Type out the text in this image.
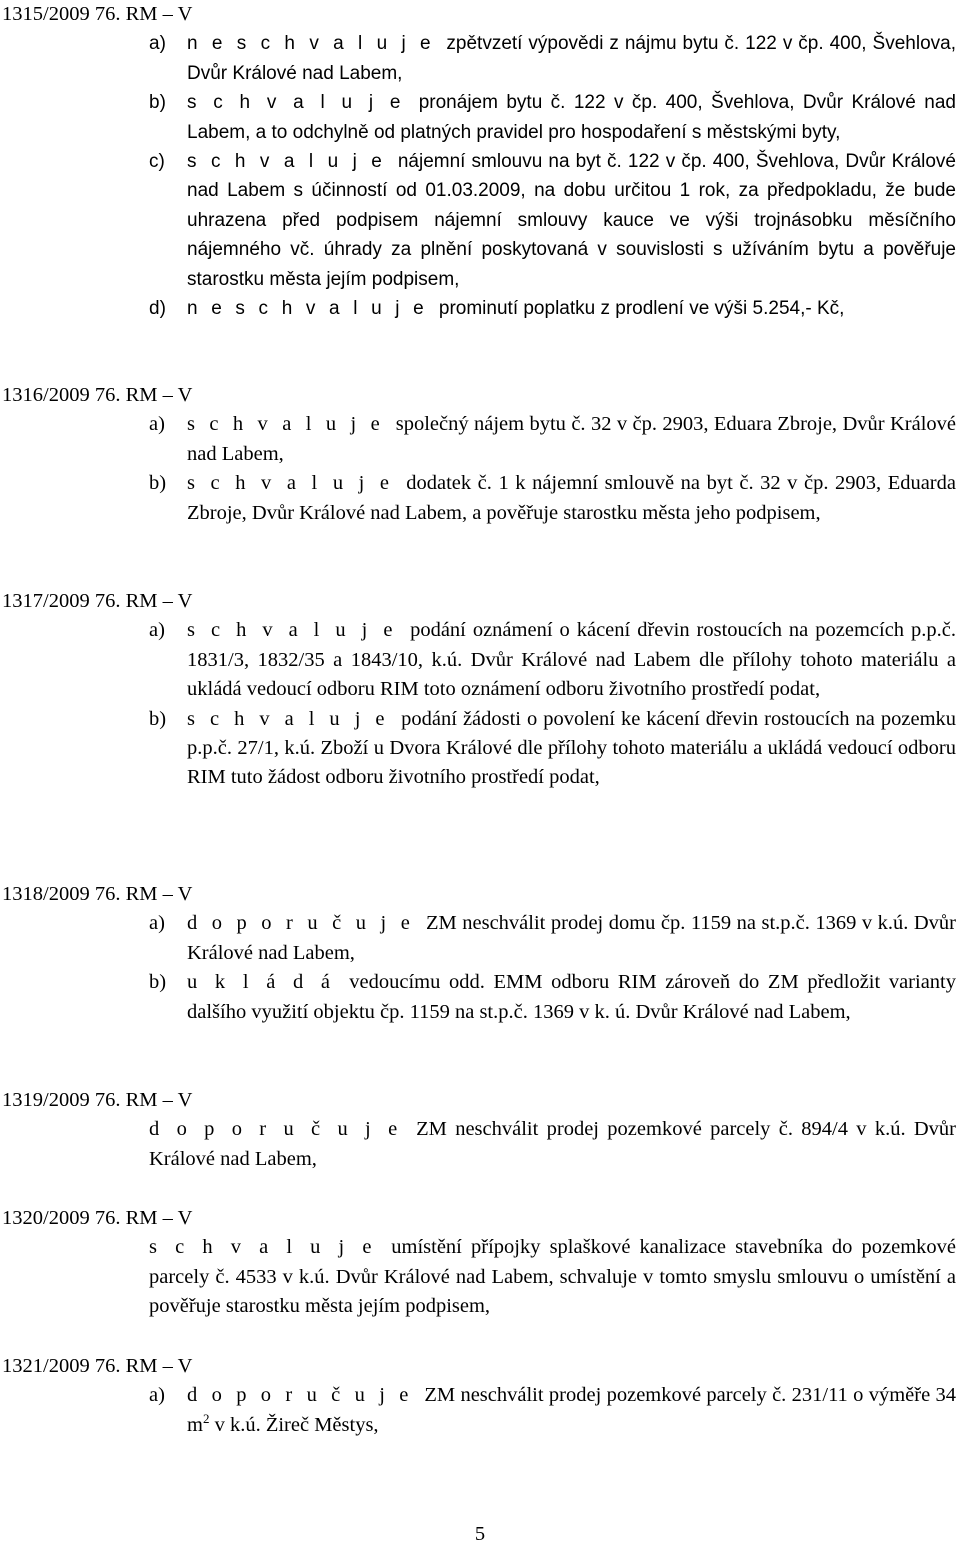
1315/2009 76. RM – V
a) n e s c h v a l u j e zpětvzetí výpovědi z nájmu bytu č. 122 v čp. 400, Švehlova, Dvůr Králové nad Labem,
b) s c h v a l u j e pronájem bytu č. 122 v čp. 400, Švehlova, Dvůr Králové nad Labem, a to odchylně od platných pravidel pro hospodaření s městskými byty,
c) s c h v a l u j e nájemní smlouvu na byt č. 122 v čp. 400, Švehlova, Dvůr Králové nad Labem s účinností od 01.03.2009, na dobu určitou 1 rok, za předpokladu, že bude uhrazena před podpisem nájemní smlouvy kauce ve výši trojnásobku měsíčního nájemného vč. úhrady za plnění poskytovaná v souvislosti s užíváním bytu a pověřuje starostku města jejím podpisem,
d) n e s c h v a l u j e prominutí poplatku z prodlení ve výši 5.254,- Kč,
1316/2009 76. RM – V
a) s c h v a l u j e společný nájem bytu č. 32 v čp. 2903, Eduara Zbroje, Dvůr Králové nad Labem,
b) s c h v a l u j e dodatek č. 1 k nájemní smlouvě na byt č. 32 v čp. 2903, Eduarda Zbroje, Dvůr Králové nad Labem, a pověřuje starostku města jeho podpisem,
1317/2009 76. RM – V
a) s c h v a l u j e podání oznámení o kácení dřevin rostoucích na pozemcích p.p.č. 1831/3, 1832/35 a 1843/10, k.ú. Dvůr Králové nad Labem dle přílohy tohoto materiálu a ukládá vedoucí odboru RIM toto oznámení odboru životního prostředí podat,
b) s c h v a l u j e podání žádosti o povolení ke kácení dřevin rostoucích na pozemku p.p.č. 27/1, k.ú. Zboží u Dvora Králové dle přílohy tohoto materiálu a ukládá vedoucí odboru RIM tuto žádost odboru životního prostředí podat,
1318/2009 76. RM – V
a) d o p o r u č u j e ZM neschválit prodej domu čp. 1159 na st.p.č. 1369 v k.ú. Dvůr Králové nad Labem,
b) u k l á d á vedoucímu odd. EMM odboru RIM zároveň do ZM předložit varianty dalšího využití objektu čp. 1159 na st.p.č. 1369 v k. ú. Dvůr Králové nad Labem,
1319/2009 76. RM – V
d o p o r u č u j e ZM neschválit prodej pozemkové parcely č. 894/4 v k.ú. Dvůr Králové nad Labem,
1320/2009 76. RM – V
s c h v a l u j e umístění přípojky splaškové kanalizace stavebníka do pozemkové parcely č. 4533 v k.ú. Dvůr Králové nad Labem, schvaluje v tomto smyslu smlouvu o umístění a pověřuje starostku města jejím podpisem,
1321/2009 76. RM – V
a) d o p o r u č u j e ZM neschválit prodej pozemkové parcely č. 231/11 o výměře 34 $m^2$ v k.ú. Žireč Městys,
5
